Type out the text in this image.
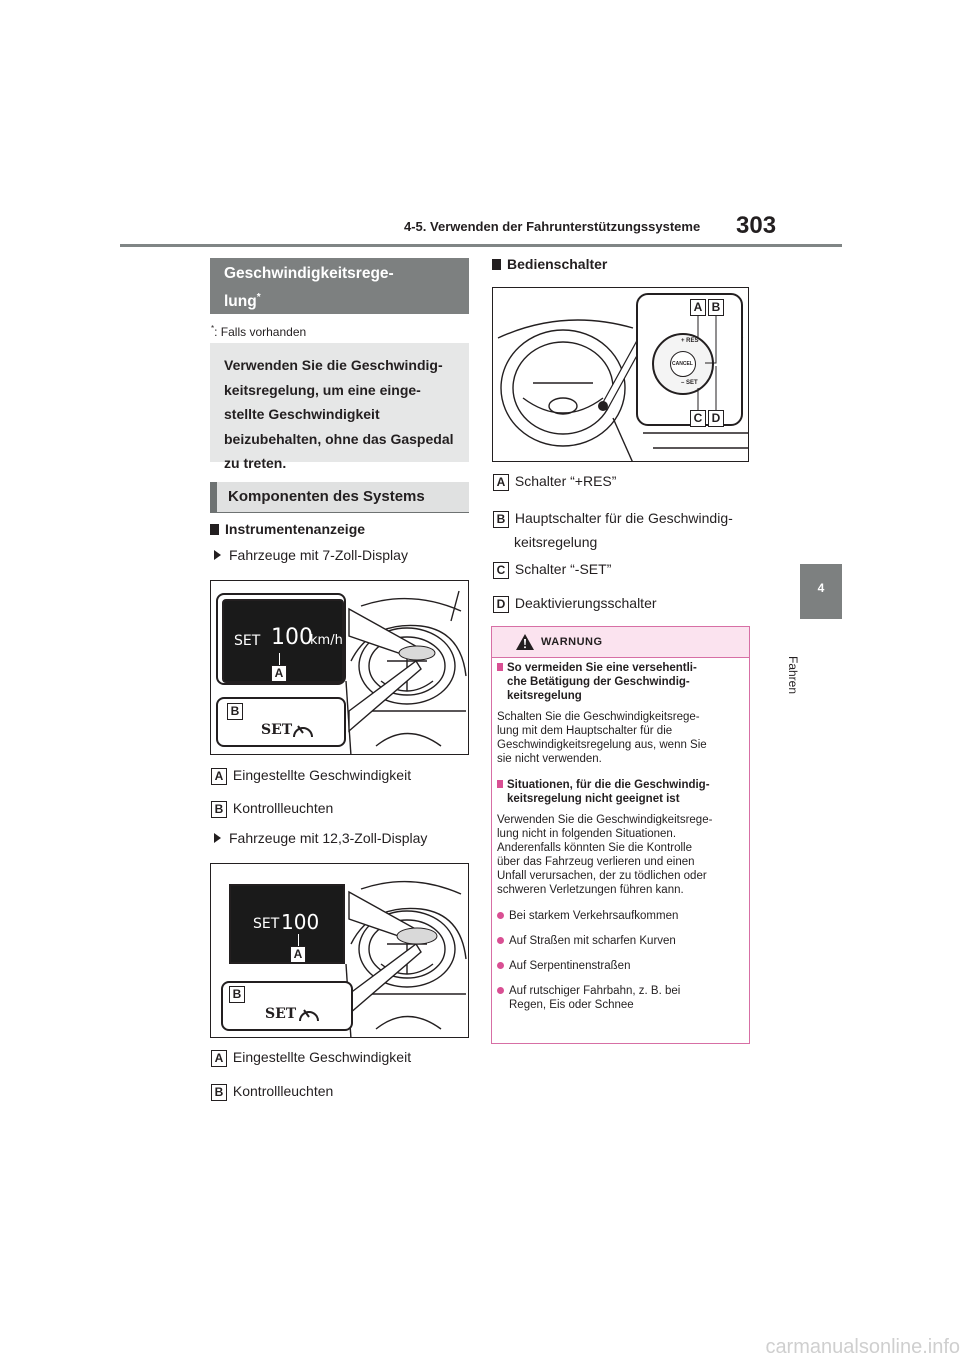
4-5. Verwenden der Fahrunterstützungssysteme 303
4
Fahren
Geschwindigkeitsrege-
lung*
*: Falls vorhanden
Verwenden Sie die Geschwindig-
keitsregelung, um eine einge-
stellte Geschwindigkeit
beizubehalten, ohne das Gaspedal
zu treten.
Komponenten des Systems
Instrumentenanzeige
Fahrzeuge mit 7-Zoll-Display
SET 100
km/h
A
B
SET
A Eingestellte Geschwindigkeit
B Kontrollleuchten
Fahrzeuge mit 12,3-Zoll-Display
SET 100
A
B
SET
A Eingestellte Geschwindigkeit
B Kontrollleuchten
Bedienschalter
+ RES
CANCEL
– SET
A B
C D
A Schalter “+RES”
B Hauptschalter für die Geschwindig-
keitsregelung
C Schalter “-SET”
D Deaktivierungsschalter
WARNUNG
So vermeiden Sie eine versehentli-
che Betätigung der Geschwindig-
keitsregelung
Schalten Sie die Geschwindigkeitsrege-
lung mit dem Hauptschalter für die
Geschwindigkeitsregelung aus, wenn Sie
sie nicht verwenden.
Situationen, für die die Geschwindig-
keitsregelung nicht geeignet ist
Verwenden Sie die Geschwindigkeitsrege-
lung nicht in folgenden Situationen.
Anderenfalls könnten Sie die Kontrolle
über das Fahrzeug verlieren und einen
Unfall verursachen, der zu tödlichen oder
schweren Verletzungen führen kann.
Bei starkem Verkehrsaufkommen
Auf Straßen mit scharfen Kurven
Auf Serpentinenstraßen
Auf rutschiger Fahrbahn, z. B. bei
Regen, Eis oder Schnee
carmanualsonline.info
